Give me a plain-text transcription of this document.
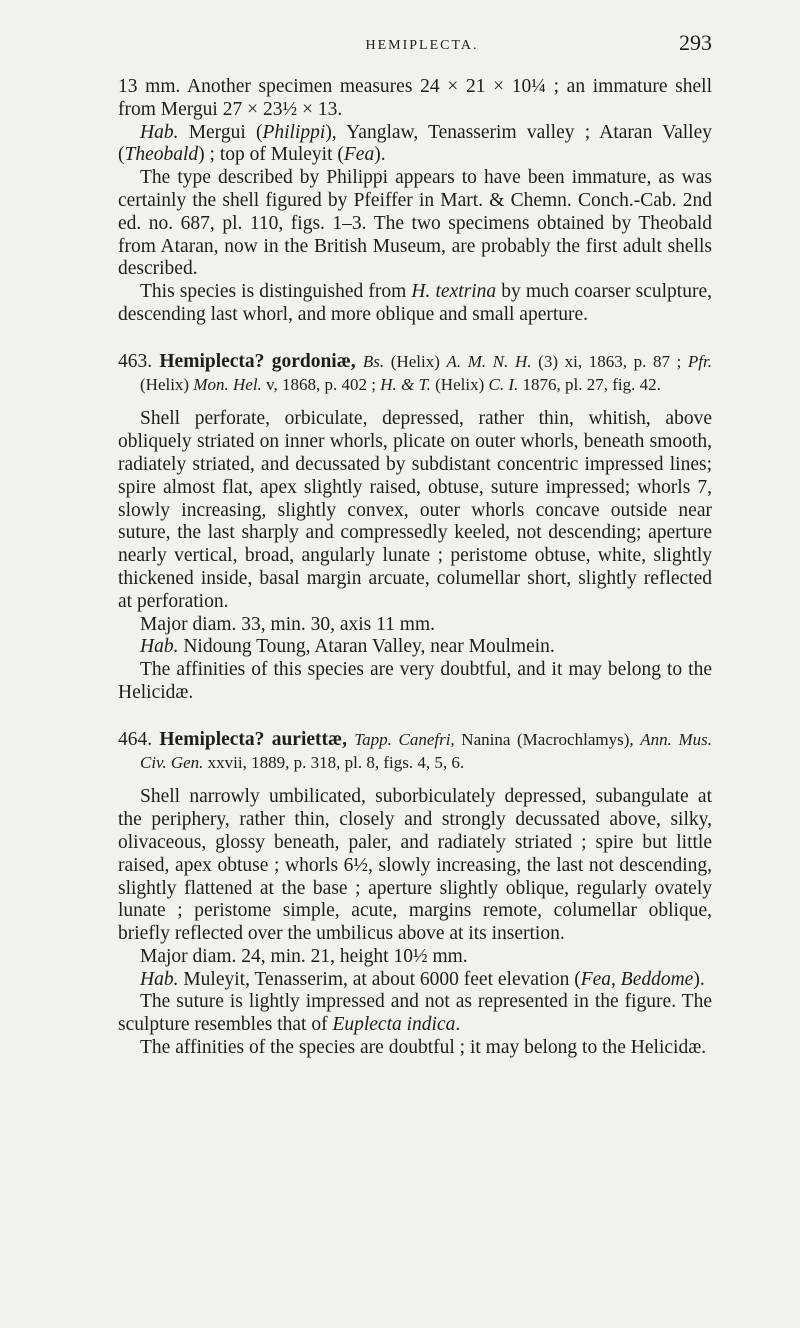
HEMIPLECTA.	293

13 mm. Another specimen measures 24 × 21 × 10¼ ; an immature shell from Mergui 27 × 23½ × 13.

Hab. Mergui (Philippi), Yanglaw, Tenasserim valley ; Ataran Valley (Theobald) ; top of Muleyit (Fea).

The type described by Philippi appears to have been immature, as was certainly the shell figured by Pfeiffer in Mart. & Chemn. Conch.-Cab. 2nd ed. no. 687, pl. 110, figs. 1–3. The two specimens obtained by Theobald from Ataran, now in the British Museum, are probably the first adult shells described.

This species is distinguished from H. textrina by much coarser sculpture, descending last whorl, and more oblique and small aperture.

463. Hemiplecta? gordoniæ, Bs. (Helix) A. M. N. H. (3) xi, 1863, p. 87 ; Pfr. (Helix) Mon. Hel. v, 1868, p. 402 ; H. & T. (Helix) C. I. 1876, pl. 27, fig. 42.

Shell perforate, orbiculate, depressed, rather thin, whitish, above obliquely striated on inner whorls, plicate on outer whorls, beneath smooth, radiately striated, and decussated by subdistant concentric impressed lines; spire almost flat, apex slightly raised, obtuse, suture impressed; whorls 7, slowly increasing, slightly convex, outer whorls concave outside near suture, the last sharply and compressedly keeled, not descending; aperture nearly vertical, broad, angularly lunate ; peristome obtuse, white, slightly thickened inside, basal margin arcuate, columellar short, slightly reflected at perforation.

Major diam. 33, min. 30, axis 11 mm.

Hab. Nidoung Toung, Ataran Valley, near Moulmein.

The affinities of this species are very doubtful, and it may belong to the Helicidæ.

464. Hemiplecta? auriettæ, Tapp. Canefri, Nanina (Macrochlamys), Ann. Mus. Civ. Gen. xxvii, 1889, p. 318, pl. 8, figs. 4, 5, 6.

Shell narrowly umbilicated, suborbiculately depressed, subangulate at the periphery, rather thin, closely and strongly decussated above, silky, olivaceous, glossy beneath, paler, and radiately striated ; spire but little raised, apex obtuse ; whorls 6½, slowly increasing, the last not descending, slightly flattened at the base ; aperture slightly oblique, regularly ovately lunate ; peristome simple, acute, margins remote, columellar oblique, briefly reflected over the umbilicus above at its insertion.

Major diam. 24, min. 21, height 10½ mm.

Hab. Muleyit, Tenasserim, at about 6000 feet elevation (Fea, Beddome).

The suture is lightly impressed and not as represented in the figure. The sculpture resembles that of Euplecta indica.

The affinities of the species are doubtful ; it may belong to the Helicidæ.
